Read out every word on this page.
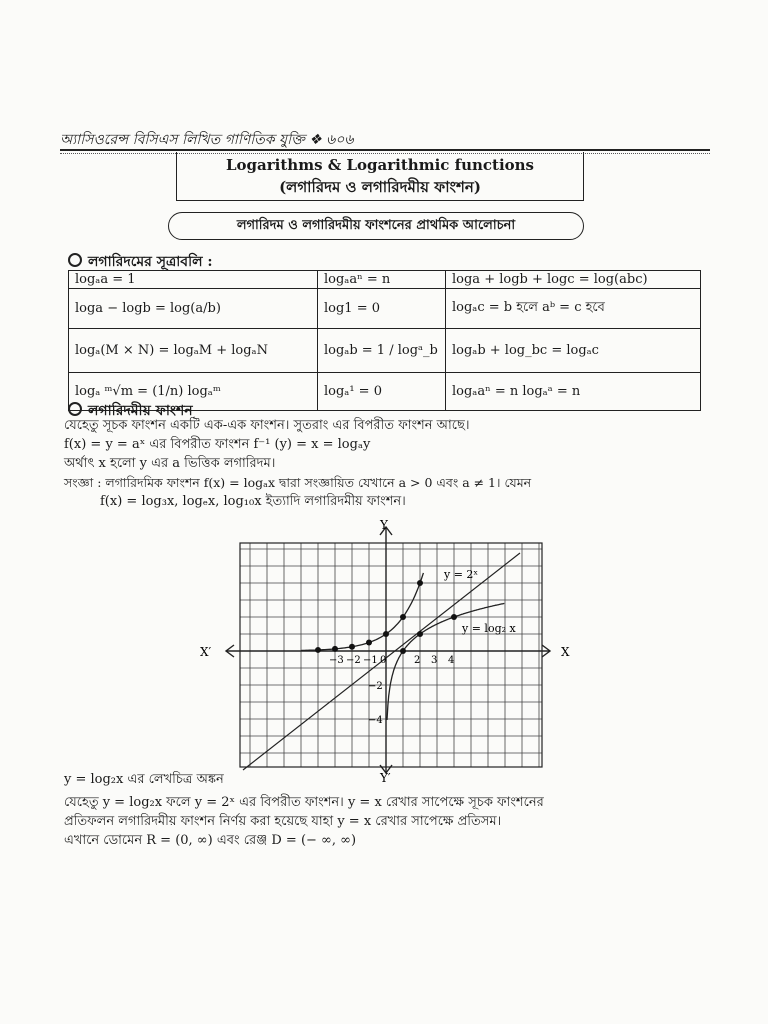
অ্যাসিওরেন্স বিসিএস লিখিত গাণিতিক যুক্তি ❖ ৬০৬
Logarithms & Logarithmic functions
(লগারিদম ও লগারিদমীয় ফাংশন)
লগারিদম ও লগারিদমীয় ফাংশনের প্রাথমিক আলোচনা
লগারিদমের সূত্রাবলি :
logₐa = 1	logₐaⁿ = n	loga + logb + logc = log(abc)
loga − logb = log(a/b)	log1 = 0	logₐc = b হলে aᵇ = c হবে
logₐ(M × N) = logₐM + logₐN	logₐb = 1 / logᵃ_b	logₐb + log_bc = logₐc
logₐ ᵐ√m = (1/n) logₐᵐ	logₐ¹ = 0	logₐaⁿ = n logₐᵃ = n
লগারিদমীয় ফাংশন
যেহেতু সূচক ফাংশন একটি এক-এক ফাংশন। সুতরাং এর বিপরীত ফাংশন আছে।
f(x) = y = aˣ এর বিপরীত ফাংশন f⁻¹ (y) = x = logₐy
অর্থাৎ x হলো y এর a ভিত্তিক লগারিদম।
সংজ্ঞা : লগারিদমিক ফাংশন f(x) = logₐx দ্বারা সংজ্ঞায়িত যেখানে a > 0 এবং a ≠ 1। যেমন
f(x) = log₃x, logₑx, log₁₀x ইত্যাদি লগারিদমীয় ফাংশন।
Y
Y′
X
X′
y = 2ˣ
y = log₂ x
−3 −2 −1 0	2 3 4
−2
−4
y = log₂x এর লেখচিত্র অঙ্কন
যেহেতু y = log₂x ফলে y = 2ˣ এর বিপরীত ফাংশন। y = x রেখার সাপেক্ষে সূচক ফাংশনের
প্রতিফলন লগারিদমীয় ফাংশন নির্ণয় করা হয়েছে যাহা y = x রেখার সাপেক্ষে প্রতিসম।
এখানে ডোমেন R = (0, ∞) এবং রেঞ্জ D = (− ∞, ∞)
